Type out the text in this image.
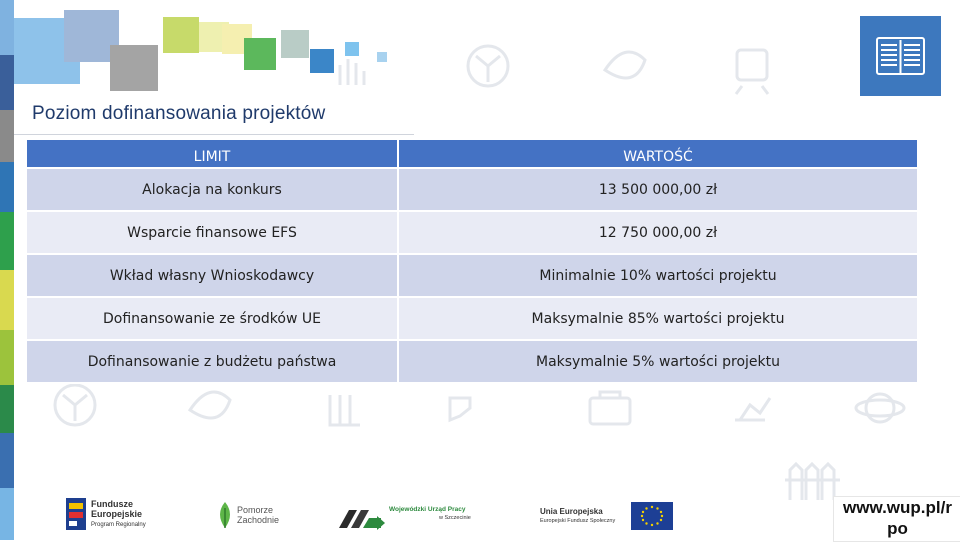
Poziom dofinansowania projektów
LIMIT	WARTOŚĆ
Alokacja na konkurs	13 500 000,00 zł
Wsparcie finansowe EFS	12 750 000,00 zł
Wkład własny Wnioskodawcy	Minimalnie 10% wartości projektu
Dofinansowanie ze środków UE	Maksymalnie 85% wartości projektu
Dofinansowanie z budżetu państwa	Maksymalnie 5% wartości projektu
Fundusze
Europejskie
Program Regionalny
Pomorze
Zachodnie
Wojewódzki Urząd Pracy
w Szczecinie
Unia Europejska
Europejski Fundusz Społeczny
www.wup.pl/r po
